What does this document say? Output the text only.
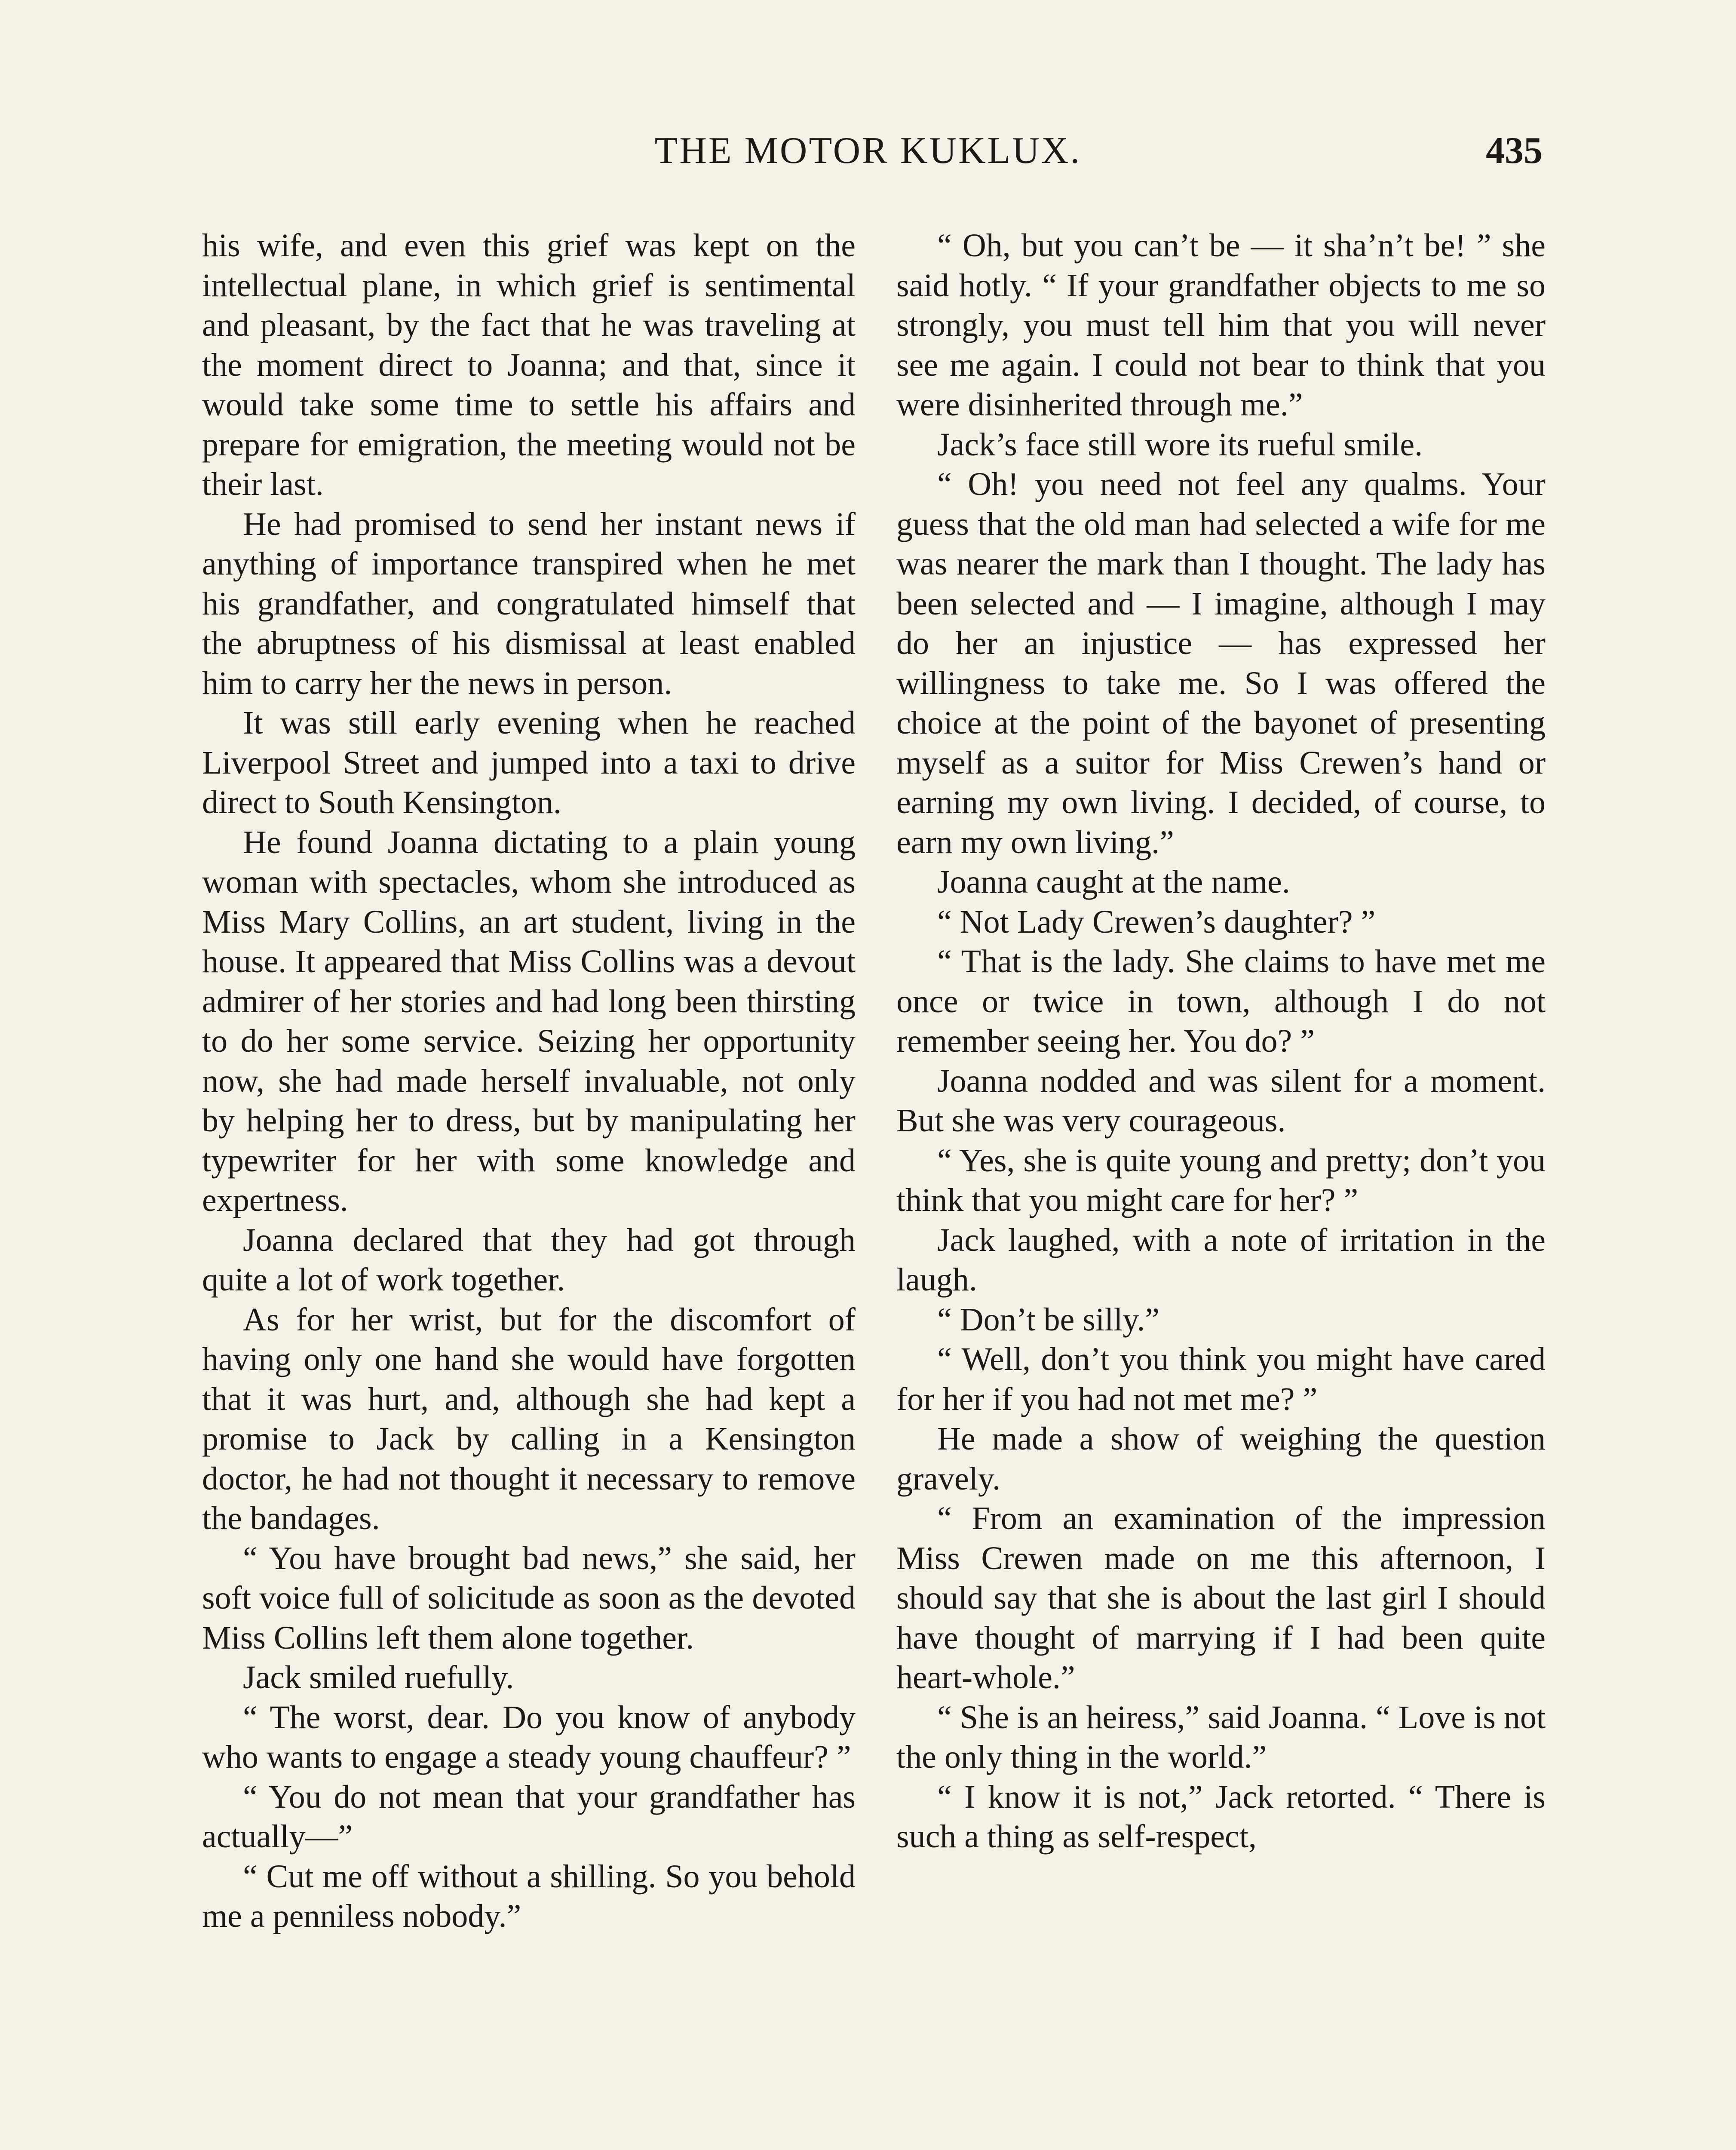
THE MOTOR KUKLUX.	435

his wife, and even this grief was kept on the intellectual plane, in which grief is sentimental and pleasant, by the fact that he was traveling at the moment direct to Joanna; and that, since it would take some time to settle his affairs and prepare for emigration, the meeting would not be their last.

He had promised to send her instant news if anything of importance transpired when he met his grandfather, and congratulated himself that the abruptness of his dismissal at least enabled him to carry her the news in person.

It was still early evening when he reached Liverpool Street and jumped into a taxi to drive direct to South Kensington.

He found Joanna dictating to a plain young woman with spectacles, whom she introduced as Miss Mary Collins, an art student, living in the house. It appeared that Miss Collins was a devout admirer of her stories and had long been thirsting to do her some service. Seizing her opportunity now, she had made herself invaluable, not only by helping her to dress, but by manipulating her typewriter for her with some knowledge and expertness.

Joanna declared that they had got through quite a lot of work together.

As for her wrist, but for the discomfort of having only one hand she would have forgotten that it was hurt, and, although she had kept a promise to Jack by calling in a Kensington doctor, he had not thought it necessary to remove the bandages.

“ You have brought bad news,” she said, her soft voice full of solicitude as soon as the devoted Miss Collins left them alone together.

Jack smiled ruefully.

“ The worst, dear. Do you know of anybody who wants to engage a steady young chauffeur? ”

“ You do not mean that your grandfather has actually—”

“ Cut me off without a shilling. So you behold me a penniless nobody.”

“ Oh, but you can’t be — it sha’n’t be! ” she said hotly. “ If your grandfather objects to me so strongly, you must tell him that you will never see me again. I could not bear to think that you were disinherited through me.”

Jack’s face still wore its rueful smile.

“ Oh! you need not feel any qualms. Your guess that the old man had selected a wife for me was nearer the mark than I thought. The lady has been selected and — I imagine, although I may do her an injustice — has expressed her willingness to take me. So I was offered the choice at the point of the bayonet of presenting myself as a suitor for Miss Crewen’s hand or earning my own living. I decided, of course, to earn my own living.”

Joanna caught at the name.

“ Not Lady Crewen’s daughter? ”

“ That is the lady. She claims to have met me once or twice in town, although I do not remember seeing her. You do? ”

Joanna nodded and was silent for a moment. But she was very courageous.

“ Yes, she is quite young and pretty; don’t you think that you might care for her? ”

Jack laughed, with a note of irritation in the laugh.

“ Don’t be silly.”

“ Well, don’t you think you might have cared for her if you had not met me? ”

He made a show of weighing the question gravely.

“ From an examination of the impression Miss Crewen made on me this afternoon, I should say that she is about the last girl I should have thought of marrying if I had been quite heart-whole.”

“ She is an heiress,” said Joanna. “ Love is not the only thing in the world.”

“ I know it is not,” Jack retorted. “ There is such a thing as self-respect,
